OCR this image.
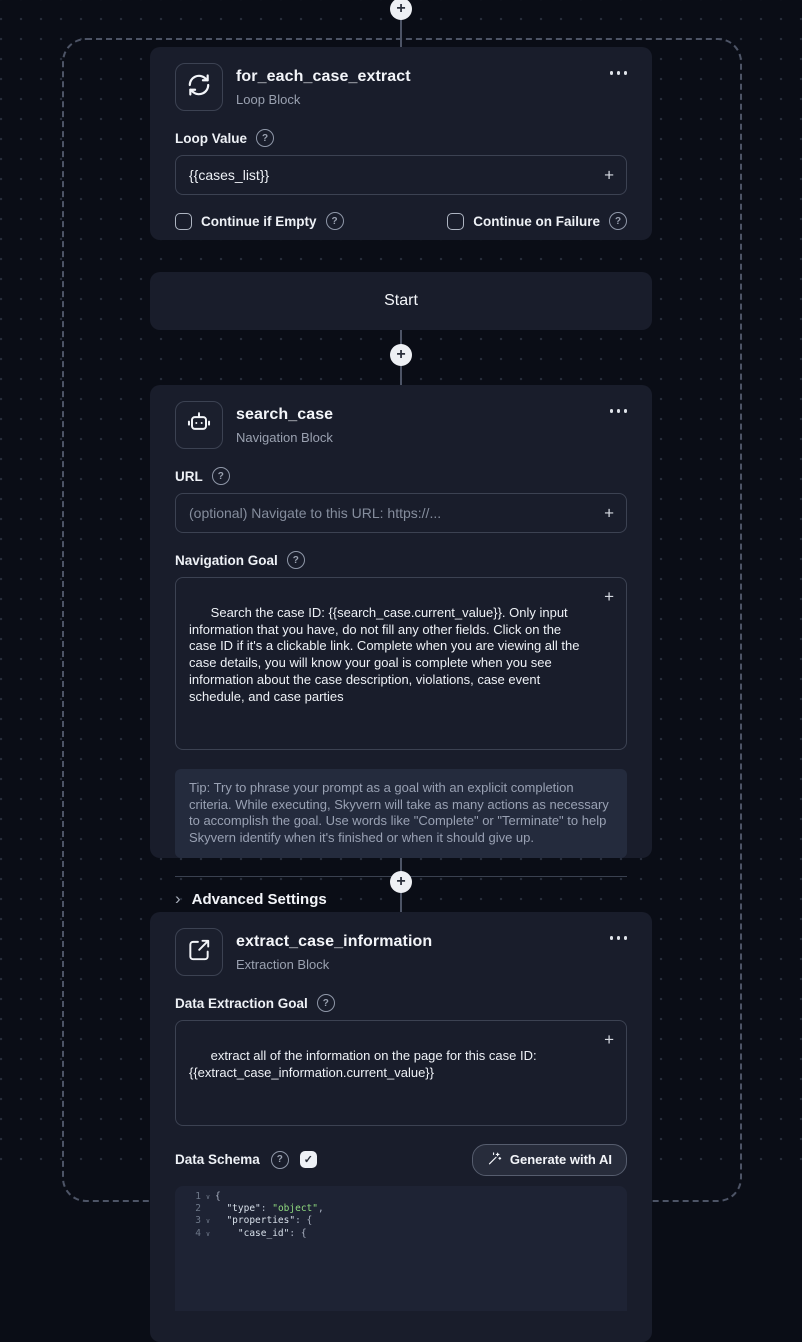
+
+
+
for_each_case_extract
Loop Block
Loop Value	?
{{cases_list}}
+
Continue if Empty	?	Continue on Failure	?
Start
search_case
Navigation Block
URL	?
(optional) Navigate to this URL: https://...
+
Navigation Goal	?

Search the case ID: {{search_case.current_value}}. Only input information that you have, do not fill any other fields. Click on the case ID if it's a clickable link. Complete when you are viewing all the case details, you will know your goal is complete when you see information about the case description, violations, case event schedule, and case parties

+

Tip: Try to phrase your prompt as a goal with an explicit completion criteria. While executing, Skyvern will take as many actions as necessary to accomplish the goal. Use words like "Complete" or "Terminate" to help Skyvern identify when it's finished or when it should give up.
› Advanced Settings
extract_case_information
Extraction Block
Data Extraction Goal	?

extract all of the information on the page for this case ID: {{extract_case_information.current_value}}

+

Data Schema	?	✓	Generate with AI
1 ∨ {
2	"type": "object",
3 ∨	"properties": {
4 ∨	"case_id": {
